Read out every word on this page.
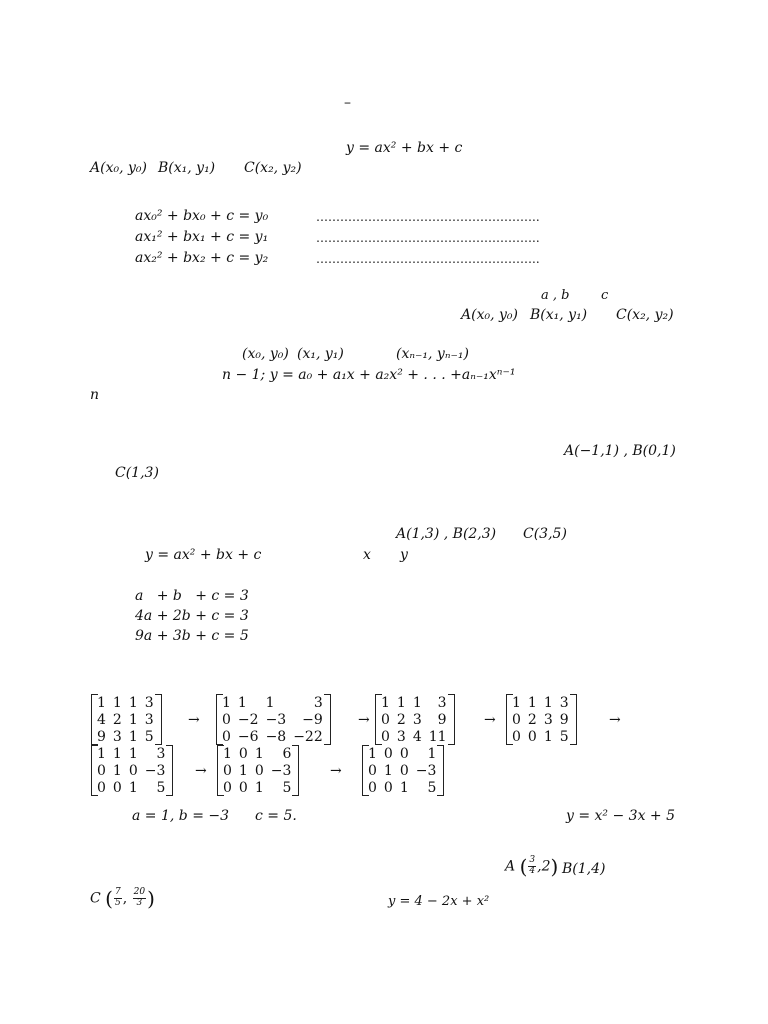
–
y = ax² + bx + c
A(x₀, y₀) B(x₁, y₁) C(x₂, y₂)
ax₀² + bx₀ + c = y₀	………………………………………………..
ax₁² + bx₁ + c = y₁	………………………………………………..
ax₂² + bx₂ + c = y₂	………………………………………………..
a , b c
A(x₀, y₀) B(x₁, y₁) C(x₂, y₂)
(x₀, y₀) (x₁, y₁)	(xₙ₋₁, yₙ₋₁)
n − 1; y = a₀ + a₁x + a₂x² + . . . +aₙ₋₁xⁿ⁻¹
n
A(−1,1) , B(0,1)
C(1,3)
A(1,3) , B(2,3) C(3,5)
y = ax² + bx + c	x y
a   + b   + c = 3
4a + 2b + c = 3
9a + 3b + c = 5
1	1	1	3
4	2	1	3
9	3	1	5
→
1	1	1	3
0	−2	−3	−9
0	−6	−8	−22
→
1	1	1	3
0	2	3	9
0	3	4	11
→
1	1	1	3
0	2	3	9
0	0	1	5
→
1	1	1	3
0	1	0	−3
0	0	1	5
→
1	0	1	6
0	1	0	−3
0	0	1	5
→
1	0	0	1
0	1	0	−3
0	0	1	5
a = 1, b = −3 c = 5.	y = x² − 3x + 5
A ( $\frac{3}{4} ,2$) B(1,4)
C ( $\frac{7}{5}$ , $\frac{20}{3}$ )	y = 4 − 2x + x²
